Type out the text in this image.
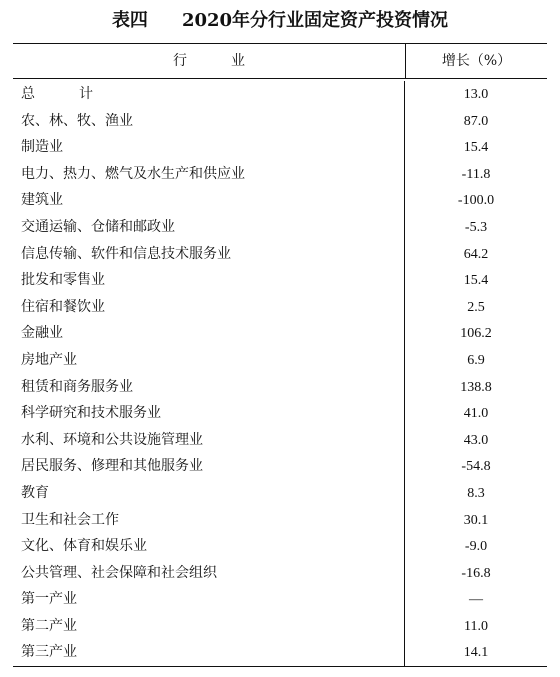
表四 2020年分行业固定资产投资情况
行业	增长（%）
总计	13.0
农、林、牧、渔业	87.0
制造业	15.4
电力、热力、燃气及水生产和供应业	-11.8
建筑业	-100.0
交通运输、仓储和邮政业	-5.3
信息传输、软件和信息技术服务业	64.2
批发和零售业	15.4
住宿和餐饮业	2.5
金融业	106.2
房地产业	6.9
租赁和商务服务业	138.8
科学研究和技术服务业	41.0
水利、环境和公共设施管理业	43.0
居民服务、修理和其他服务业	-54.8
教育	8.3
卫生和社会工作	30.1
文化、体育和娱乐业	-9.0
公共管理、社会保障和社会组织	-16.8
第一产业	—
第二产业	11.0
第三产业	14.1
